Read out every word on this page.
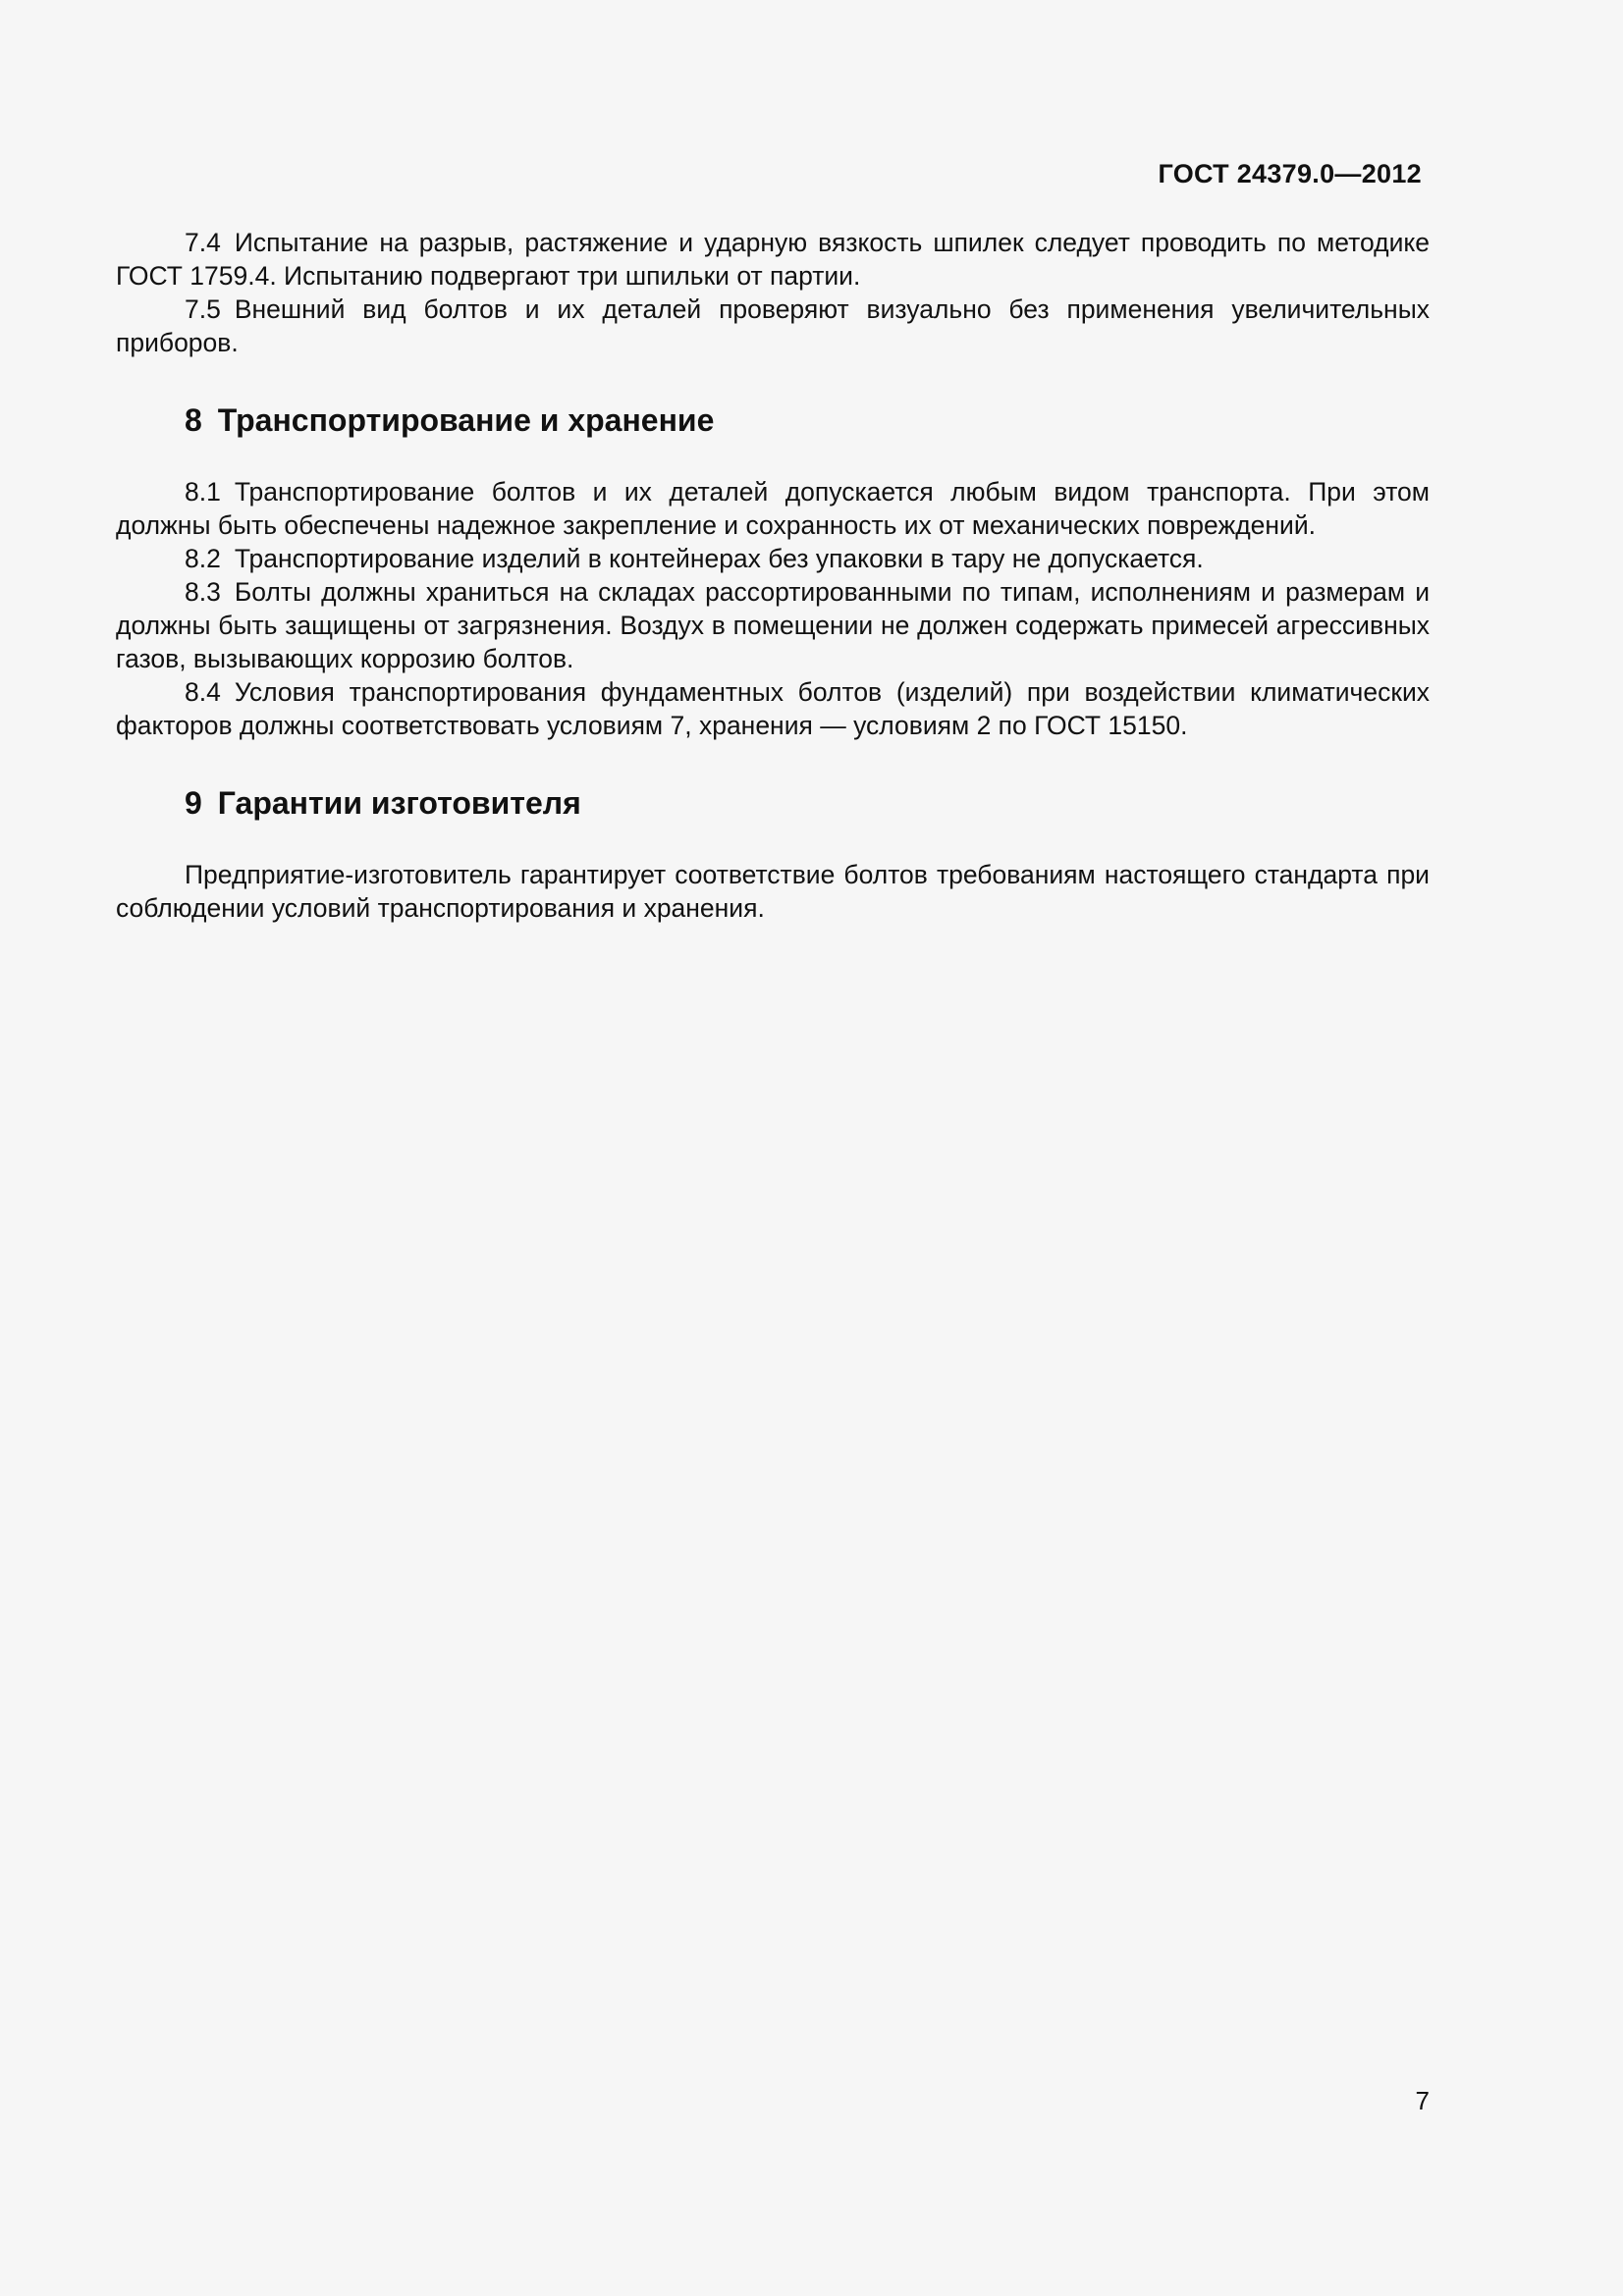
ГОСТ 24379.0—2012

7.4 Испытание на разрыв, растяжение и ударную вязкость шпилек следует проводить по методике ГОСТ 1759.4. Испытанию подвергают три шпильки от партии.

7.5 Внешний вид болтов и их деталей проверяют визуально без применения увеличительных приборов.

8 Транспортирование и хранение

8.1 Транспортирование болтов и их деталей допускается любым видом транспорта. При этом должны быть обеспечены надежное закрепление и сохранность их от механических повреждений.

8.2 Транспортирование изделий в контейнерах без упаковки в тару не допускается.

8.3 Болты должны храниться на складах рассортированными по типам, исполнениям и размерам и должны быть защищены от загрязнения. Воздух в помещении не должен содержать примесей агрессивных газов, вызывающих коррозию болтов.

8.4 Условия транспортирования фундаментных болтов (изделий) при воздействии климатических факторов должны соответствовать условиям 7, хранения — условиям 2 по ГОСТ 15150.

9 Гарантии изготовителя

Предприятие-изготовитель гарантирует соответствие болтов требованиям настоящего стандарта при соблюдении условий транспортирования и хранения.

7
